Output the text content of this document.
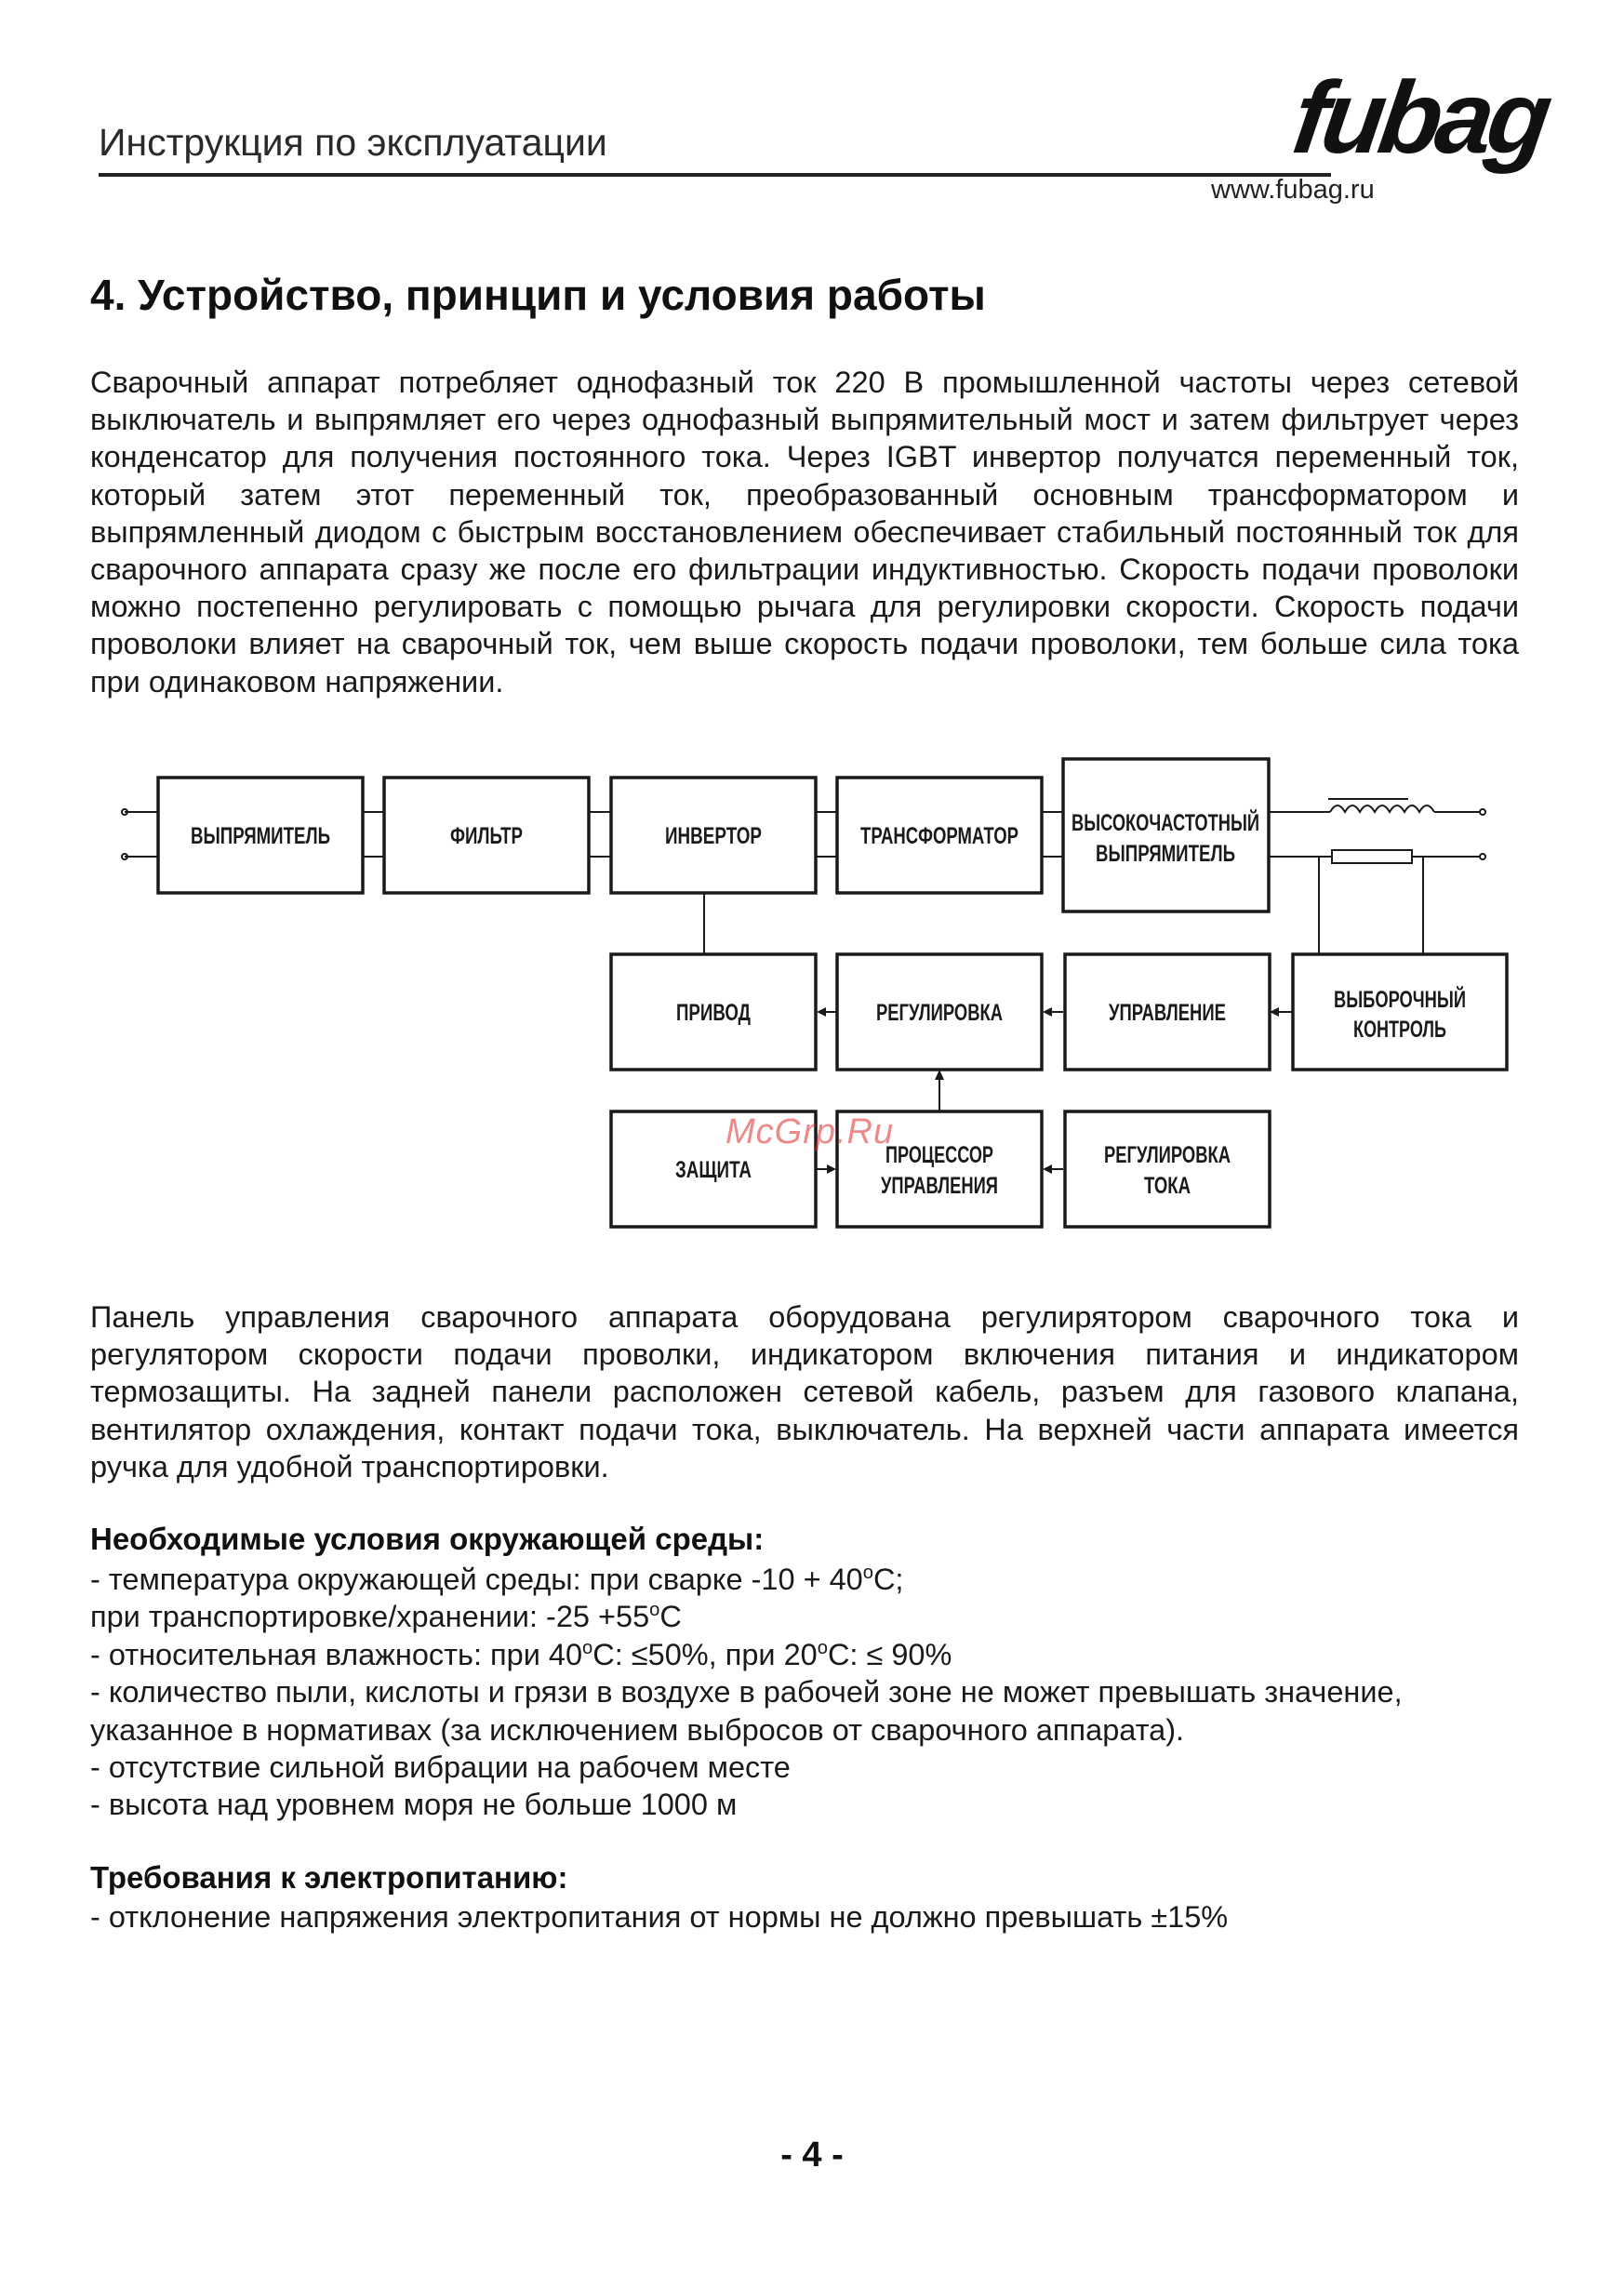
Инструкция по эксплуатации	fubag
www.fubag.ru
4. Устройство, принцип и условия работы

Сварочный аппарат потребляет однофазный ток 220 В промышленной частоты через сетевой выключатель и выпрямляет его через однофазный выпрямительный мост и затем фильтрует через конденсатор для получения постоянного тока. Через IGBT инвертор получатся переменный ток, который затем этот переменный ток, преобразованный основным трансформатором и выпрямленный диодом с быстрым восстановлением обеспечивает стабильный постоянный ток для сварочного аппарата сразу же после его фильтрации индуктивностью. Скорость подачи проволоки можно постепенно регулировать с помощью рычага для регулировки скорости. Скорость подачи проволоки влияет на сварочный ток, чем выше скорость подачи проволоки, тем больше сила тока при одинаковом напряжении.

ВЫПРЯМИТЕЛЬ	ФИЛЬТР	ИНВЕРТОР	ТРАНСФОРМАТОР ВЫСОКОЧАСТОТНЫЙ
ВЫПРЯМИТЕЛЬ
ПРИВОД	РЕГУЛИРОВКА	УПРАВЛЕНИЕ	ВЫБОРОЧНЫЙ
КОНТРОЛЬ
ЗАЩИТА
ПРОЦЕССОР
УПРАВЛЕНИЯ
РЕГУЛИРОВКА
ТОКА
McGrp.Ru

Панель управления сварочного аппарата оборудована регулирятором сварочного тока и регулятором скорости подачи проволки, индикатором включения питания и индикатором термозащиты. На задней панели расположен сетевой кабель, разъем для газового клапана, вентилятор охлаждения, контакт подачи тока, выключатель. На верхней части аппарата имеется ручка для удобной транспортировки.

Необходимые условия окружающей среды:

- температура окружающей среды: при сварке $-10 + 40^oC$;
при транспортировке/хранении: $-25 +55^oC$
- относительная влажность: при $40^oC$: ≤50%, при $20^oC$: ≤ 90%
- количество пыли, кислоты и грязи в воздухе в рабочей зоне не может превышать значение, указанное в нормативах (за исключением выбросов от сварочного аппарата).
- отсутствие сильной вибрации на рабочем месте
- высота над уровнем моря не больше 1000 м

Требования к электропитанию:

- отклонение напряжения электропитания от нормы не должно превышать ±15%
- 4 -
